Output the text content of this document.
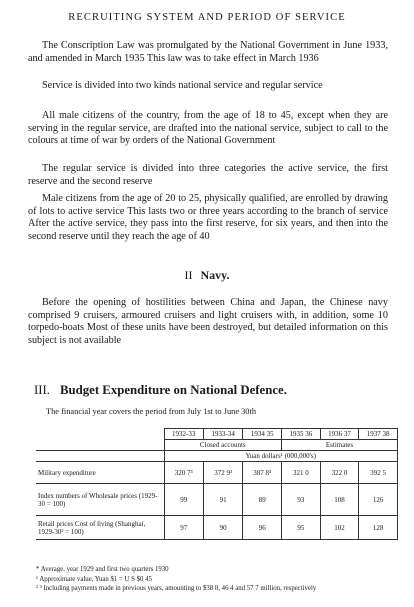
RECRUITING SYSTEM AND PERIOD OF SERVICE
The Conscription Law was promulgated by the National Government in June 1933, and amended in March 1935 This law was to take effect in March 1936
Service is divided into two kinds national service and regular service
All male citizens of the country, from the age of 18 to 45, except when they are serving in the regular service, are drafted into the national service, subject to call to the colours at time of war by orders of the National Government
The regular service is divided into three categories the active service, the first reserve and the second reserve
Male citizens from the age of 20 to 25, physically qualified, are enrolled by drawing of lots to active service This lasts two or three years according to the branch of service After the active service, they pass into the first reserve, for six years, and then into the second reserve until they reach the age of 40
II Navy.
Before the opening of hostilities between China and Japan, the Chinese navy comprised 9 cruisers, armoured cruisers and light cruisers with, in addition, some 10 torpedo-boats Most of these units have been destroyed, but detailed information on this subject is not available
III. Budget Expenditure on National Defence.
The financial year covers the period from July 1st to June 30th
	1932-33	1933-34	1934 35	1935 36	1936 37	1937 38
	Closed accounts			Estimates		
	Yuan dollars¹ (000,000's)					
Military expenditure	320 7³	372 9³	387 8³	321 0	322 0	392 5
Index numbers of Wholesale prices (1929-30 = 100)	99	91	89	93	108	126
Retail prices Cost of living (Shanghai, 1929-30² = 100)	97	90	96	95	102	128
* Average, year 1929 and first two quarters 1930
¹ Approximate value, Yuan $1 = U S $0 45
² ³ Including payments made in previous years, amounting to $38 8, 46 4 and 57 7 million, respectively
